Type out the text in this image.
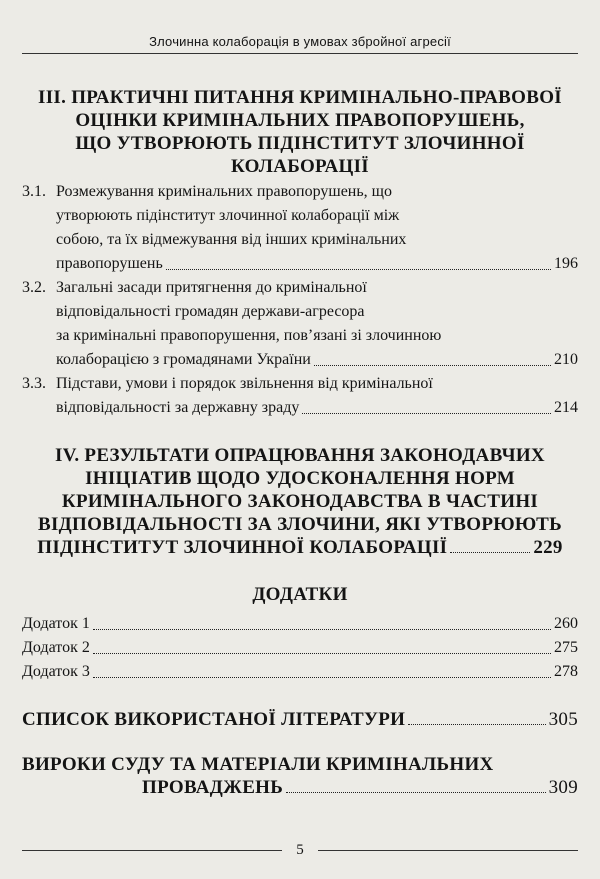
Злочинна колаборація в умовах збройної агресії

ІІІ. ПРАКТИЧНІ ПИТАННЯ КРИМІНАЛЬНО-ПРАВОВОЇ

ОЦІНКИ КРИМІНАЛЬНИХ ПРАВОПОРУШЕНЬ,

ЩО УТВОРЮЮТЬ ПІДІНСТИТУТ ЗЛОЧИННОЇ

КОЛАБОРАЦІЇ

3.1. Розмежування кримінальних правопорушень, що
утворюють підінститут злочинної колаборації між
собою, та їх відмежування від інших кримінальних
правопорушень	196
3.2. Загальні засади притягнення до кримінальної
відповідальності громадян держави-агресора
за кримінальні правопорушення, пов’язані зі злочинною
колаборацією з громадянами України	210
3.3. Підстави, умови і порядок звільнення від кримінальної
відповідальності за державну зраду	214

IV. РЕЗУЛЬТАТИ ОПРАЦЮВАННЯ ЗАКОНОДАВЧИХ

ІНІЦІАТИВ ЩОДО УДОСКОНАЛЕННЯ НОРМ

КРИМІНАЛЬНОГО ЗАКОНОДАВСТВА В ЧАСТИНІ

ВІДПОВІДАЛЬНОСТІ ЗА ЗЛОЧИНИ, ЯКІ УТВОРЮЮТЬ

ПІДІНСТИТУТ ЗЛОЧИННОЇ КОЛАБОРАЦІЇ	229

ДОДАТКИ

Додаток 1	260
Додаток 2	275
Додаток 3	278
СПИСОК ВИКОРИСТАНОЇ ЛІТЕРАТУРИ	305
ВИРОКИ СУДУ ТА МАТЕРІАЛИ КРИМІНАЛЬНИХ
ПРОВАДЖЕНЬ	309
5
